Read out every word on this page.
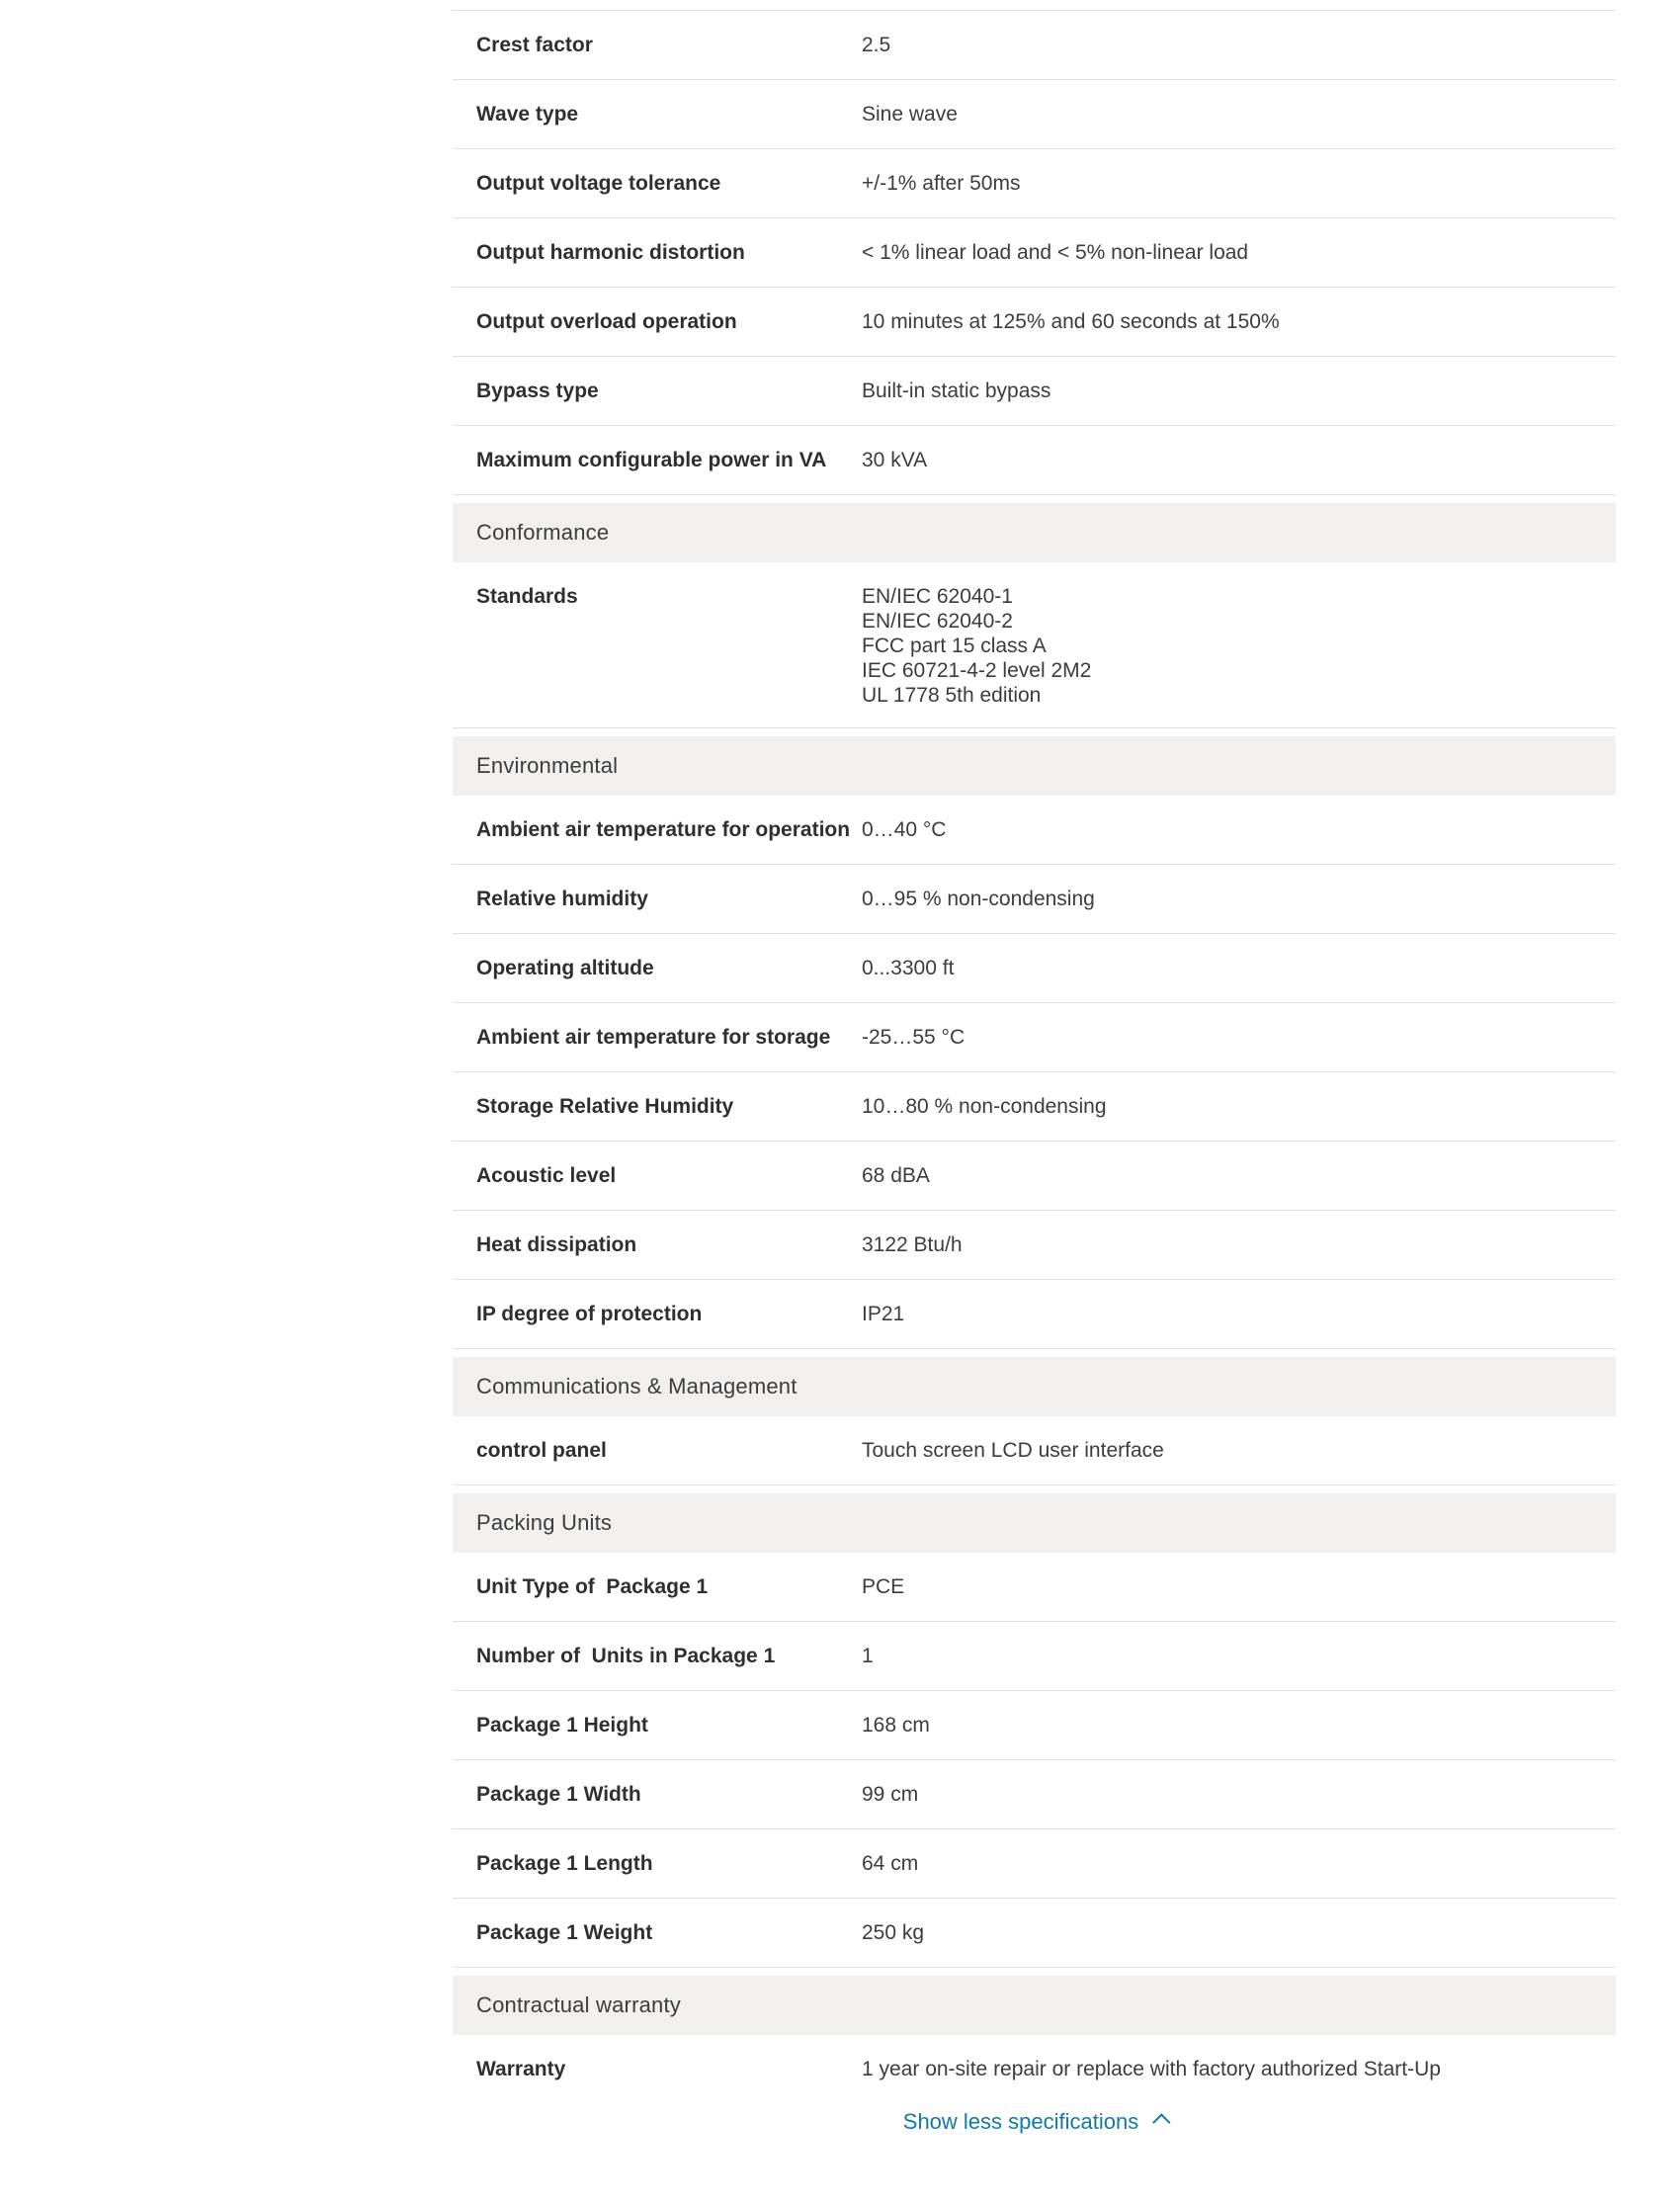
Crest factor	2.5
Wave type	Sine wave
Output voltage tolerance	+/-1% after 50ms
Output harmonic distortion	< 1% linear load and < 5% non-linear load
Output overload operation	10 minutes at 125% and 60 seconds at 150%
Bypass type	Built-in static bypass
Maximum configurable power in VA	30 kVA
Conformance
Standards	EN/IEC 62040-1
EN/IEC 62040-2
FCC part 15 class A
IEC 60721-4-2 level 2M2
UL 1778 5th edition
Environmental
Ambient air temperature for operation 0…40 °C
Relative humidity	0…95 % non-condensing
Operating altitude	0...3300 ft
Ambient air temperature for storage	-25…55 °C
Storage Relative Humidity	10…80 % non-condensing
Acoustic level	68 dBA
Heat dissipation	3122 Btu/h
IP degree of protection	IP21
Communications & Management
control panel	Touch screen LCD user interface
Packing Units
Unit Type of  Package 1	PCE
Number of  Units in Package 1	1
Package 1 Height	168 cm
Package 1 Width	99 cm
Package 1 Length	64 cm
Package 1 Weight	250 kg
Contractual warranty
Warranty	1 year on-site repair or replace with factory authorized Start-Up
Show less specifications
